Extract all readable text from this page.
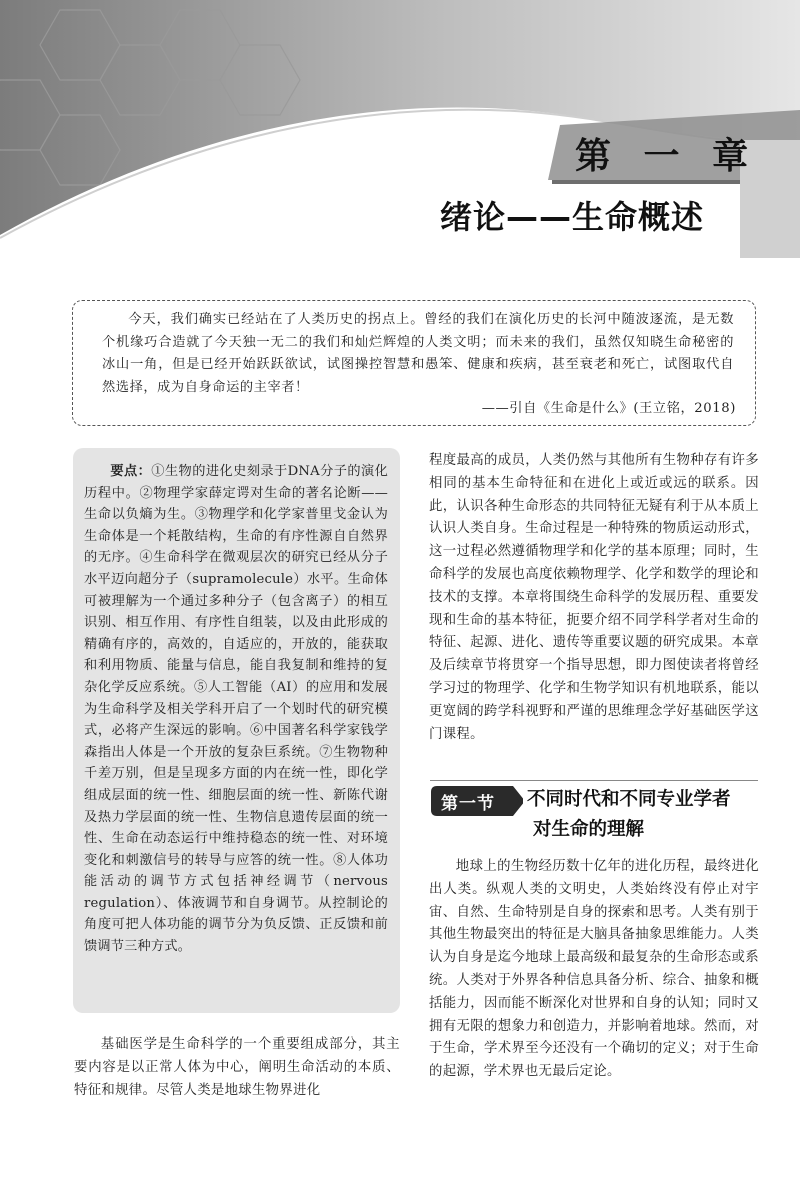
第 一 章
绪论——生命概述
今天，我们确实已经站在了人类历史的拐点上。曾经的我们在演化历史的长河中随波逐流，是无数个机缘巧合造就了今天独一无二的我们和灿烂辉煌的人类文明；而未来的我们，虽然仅知晓生命秘密的冰山一角，但是已经开始跃跃欲试，试图操控智慧和愚笨、健康和疾病，甚至衰老和死亡，试图取代自然选择，成为自身命运的主宰者！
——引自《生命是什么》(王立铭，2018)
要点：①生物的进化史刻录于DNA分子的演化历程中。②物理学家薛定谔对生命的著名论断——生命以负熵为生。③物理学和化学家普里戈金认为生命体是一个耗散结构，生命的有序性源自自然界的无序。④生命科学在微观层次的研究已经从分子水平迈向超分子（supramolecule）水平。生命体可被理解为一个通过多种分子（包含离子）的相互识别、相互作用、有序性自组装，以及由此形成的精确有序的，高效的，自适应的，开放的，能获取和利用物质、能量与信息，能自我复制和维持的复杂化学反应系统。⑤人工智能（AI）的应用和发展为生命科学及相关学科开启了一个划时代的研究模式，必将产生深远的影响。⑥中国著名科学家钱学森指出人体是一个开放的复杂巨系统。⑦生物物种千差万别，但是呈现多方面的内在统一性，即化学组成层面的统一性、细胞层面的统一性、新陈代谢及热力学层面的统一性、生物信息遗传层面的统一性、生命在动态运行中维持稳态的统一性、对环境变化和刺激信号的转导与应答的统一性。⑧人体功能活动的调节方式包括神经调节（nervous regulation）、体液调节和自身调节。从控制论的角度可把人体功能的调节分为负反馈、正反馈和前馈调节三种方式。
基础医学是生命科学的一个重要组成部分，其主要内容是以正常人体为中心，阐明生命活动的本质、特征和规律。尽管人类是地球生物界进化
程度最高的成员，人类仍然与其他所有生物种存有许多相同的基本生命特征和在进化上或近或远的联系。因此，认识各种生命形态的共同特征无疑有利于从本质上认识人类自身。生命过程是一种特殊的物质运动形式，这一过程必然遵循物理学和化学的基本原理；同时，生命科学的发展也高度依赖物理学、化学和数学的理论和技术的支撑。本章将围绕生命科学的发展历程、重要发现和生命的基本特征，扼要介绍不同学科学者对生命的特征、起源、进化、遗传等重要议题的研究成果。本章及后续章节将贯穿一个指导思想，即力图使读者将曾经学习过的物理学、化学和生物学知识有机地联系，能以更宽阔的跨学科视野和严谨的思维理念学好基础医学这门课程。
第一节	不同时代和不同专业学者
对生命的理解
地球上的生物经历数十亿年的进化历程，最终进化出人类。纵观人类的文明史，人类始终没有停止对宇宙、自然、生命特别是自身的探索和思考。人类有别于其他生物最突出的特征是大脑具备抽象思维能力。人类认为自身是迄今地球上最高级和最复杂的生命形态或系统。人类对于外界各种信息具备分析、综合、抽象和概括能力，因而能不断深化对世界和自身的认知；同时又拥有无限的想象力和创造力，并影响着地球。然而，对于生命，学术界至今还没有一个确切的定义；对于生命的起源，学术界也无最后定论。
